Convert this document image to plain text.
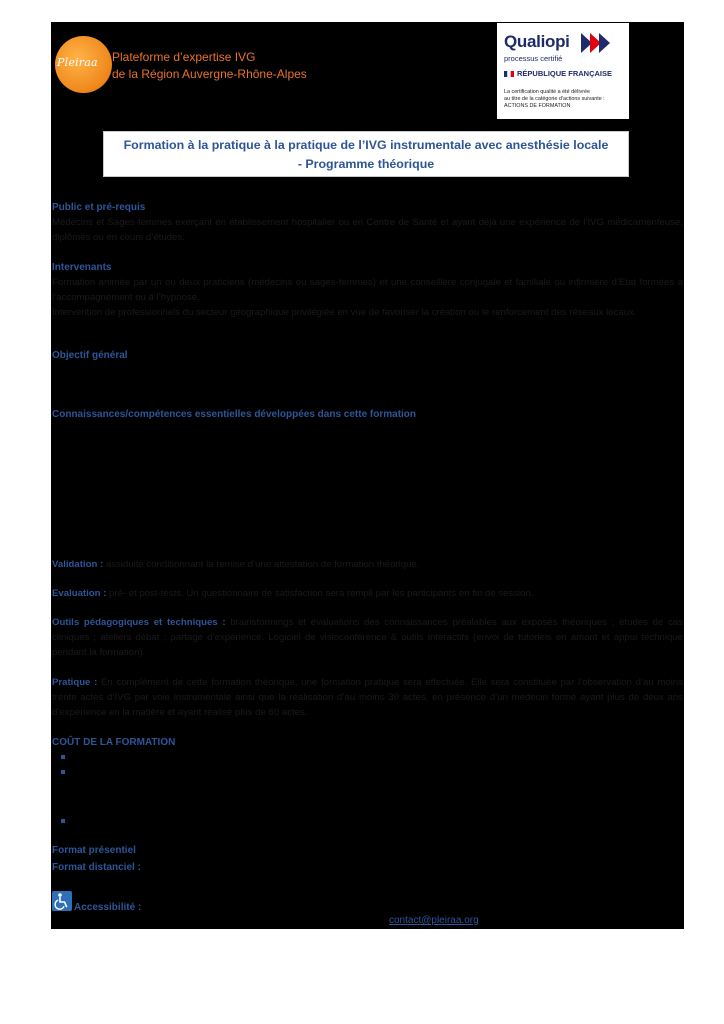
Pleiraa	Plateforme d’expertise IVG
de la Région Auvergne-Rhône-Alpes
Qualiopi
processus certifié
RÉPUBLIQUE FRANÇAISE
La certification qualité a été délivrée
au titre de la catégorie d’actions suivante :
ACTIONS DE FORMATION
Formation à la pratique à la pratique de l’IVG instrumentale avec anesthésie locale
- Programme théorique
Public et pré-requis
Médecins et Sages-femmes exerçant en établissement hospitalier ou en Centre de Santé et ayant déjà une expérience de l’IVG médicamenteuse, diplômés ou en cours d’études.
Intervenants
Formation animée par un ou deux praticiens (médecins ou sages-femmes) et une conseillère conjugale et familiale ou infirmière d’Etat formées à l’accompagnement ou à l’hypnose.
Intervention de professionnels du secteur géographique privilégiée en vue de favoriser la création ou le renforcement des réseaux locaux.
Objectif général
Connaissances/compétences essentielles développées dans cette formation
Validation : assiduité conditionnant la remise d’une attestation de formation théorique.
Evaluation : pré- et post-tests. Un questionnaire de satisfaction sera rempli par les participants en fin de session.
Outils pédagogiques et techniques : brainstormings et évaluations des connaissances préalables aux exposés théoriques ; études de cas cliniques ; ateliers débat ; partage d’expérience. Logiciel de visioconférence & outils interactifs (envoi de tutoriels en amont et appui technique pendant la formation).
Pratique : En complément de cette formation théorique, une formation pratique sera effectuée. Elle sera constituée par l’observation d’au moins trente actes d’IVG par voie instrumentale ainsi que la réalisation d’au moins 30 actes, en présence d’un médecin formé ayant plus de deux ans d’expérience en la matière et ayant réalisé plus de 60 actes.
COÛT DE LA FORMATION
Format présentiel
Format distanciel :
Accessibilité :
contact@pleiraa.org
